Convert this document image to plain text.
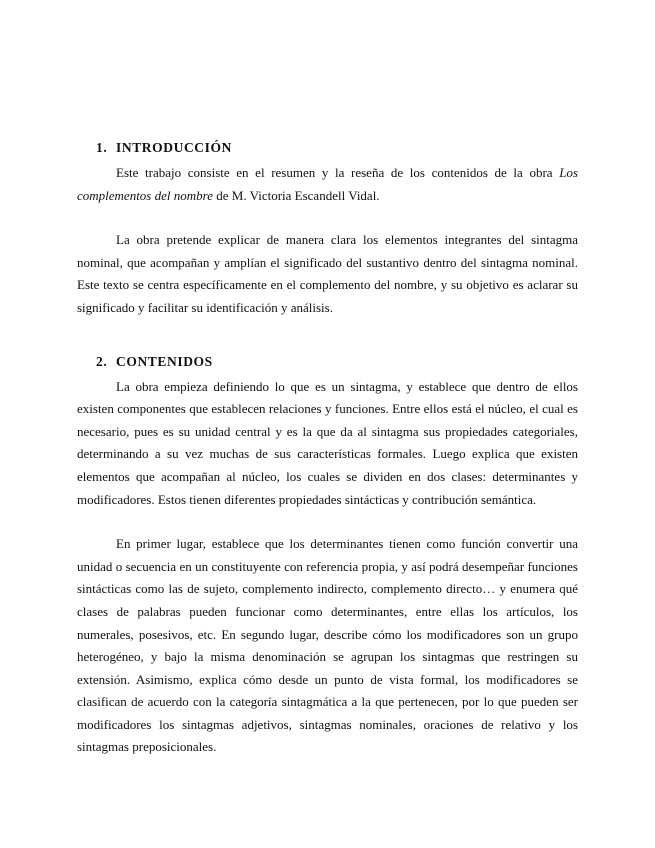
1. INTRODUCCIÓN

Este trabajo consiste en el resumen y la reseña de los contenidos de la obra Los complementos del nombre de M. Victoria Escandell Vidal.

La obra pretende explicar de manera clara los elementos integrantes del sintagma nominal, que acompañan y amplían el significado del sustantivo dentro del sintagma nominal. Este texto se centra específicamente en el complemento del nombre, y su objetivo es aclarar su significado y facilitar su identificación y análisis.

2. CONTENIDOS

La obra empieza definiendo lo que es un sintagma, y establece que dentro de ellos existen componentes que establecen relaciones y funciones. Entre ellos está el núcleo, el cual es necesario, pues es su unidad central y es la que da al sintagma sus propiedades categoriales, determinando a su vez muchas de sus características formales. Luego explica que existen elementos que acompañan al núcleo, los cuales se dividen en dos clases: determinantes y modificadores. Estos tienen diferentes propiedades sintácticas y contribución semántica.

En primer lugar, establece que los determinantes tienen como función convertir una unidad o secuencia en un constituyente con referencia propia, y así podrá desempeñar funciones sintácticas como las de sujeto, complemento indirecto, complemento directo… y enumera qué clases de palabras pueden funcionar como determinantes, entre ellas los artículos, los numerales, posesivos, etc. En segundo lugar, describe cómo los modificadores son un grupo heterogéneo, y bajo la misma denominación se agrupan los sintagmas que restringen su extensión. Asimismo, explica cómo desde un punto de vista formal, los modificadores se clasifican de acuerdo con la categoría sintagmática a la que pertenecen, por lo que pueden ser modificadores los sintagmas adjetivos, sintagmas nominales, oraciones de relativo y los sintagmas preposicionales.
